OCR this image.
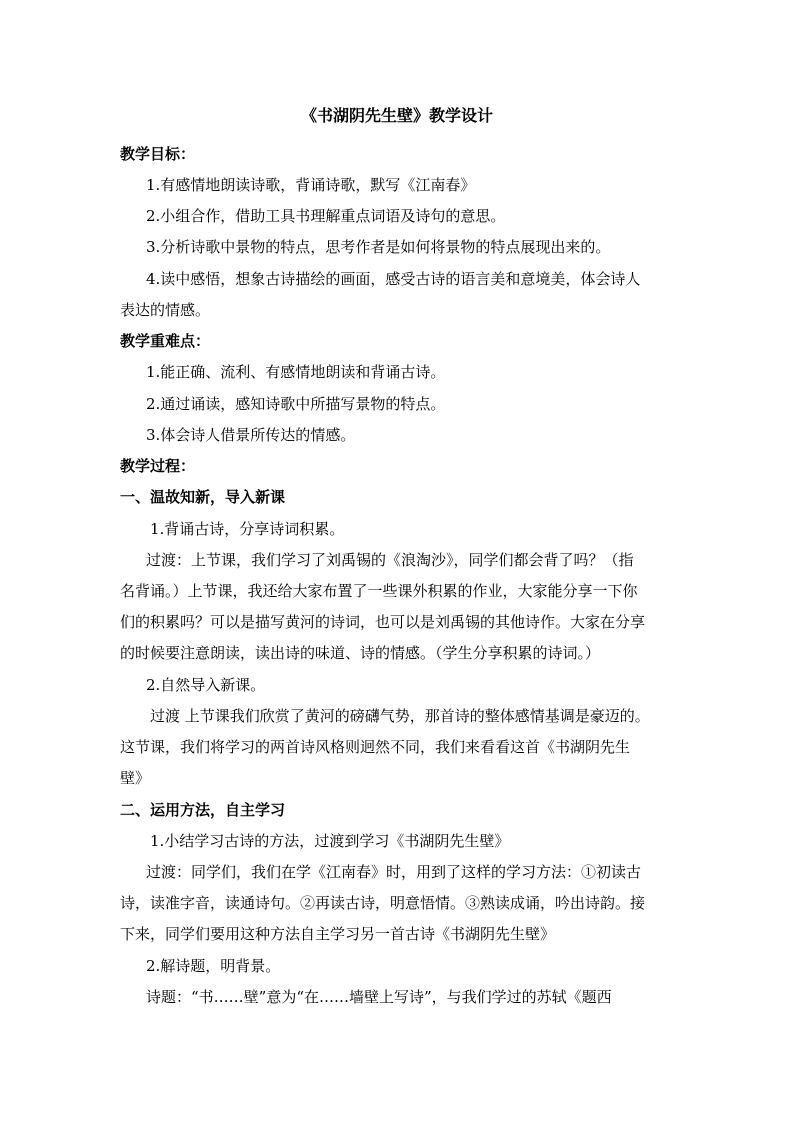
《书湖阴先生壁》教学设计
教学目标：
1.有感情地朗读诗歌，背诵诗歌，默写《江南春》
2.小组合作，借助工具书理解重点词语及诗句的意思。
3.分析诗歌中景物的特点，思考作者是如何将景物的特点展现出来的。
4.读中感悟，想象古诗描绘的画面，感受古诗的语言美和意境美，体会诗人
表达的情感。
教学重难点：
1.能正确、流利、有感情地朗读和背诵古诗。
2.通过诵读，感知诗歌中所描写景物的特点。
3.体会诗人借景所传达的情感。
教学过程：
一、温故知新，导入新课
1.背诵古诗，分享诗词积累。
过渡：上节课，我们学习了刘禹锡的《浪淘沙》，同学们都会背了吗？（指
名背诵。）上节课，我还给大家布置了一些课外积累的作业，大家能分享一下你
们的积累吗？可以是描写黄河的诗词，也可以是刘禹锡的其他诗作。大家在分享
的时候要注意朗读，读出诗的味道、诗的情感。（学生分享积累的诗词。）
2.自然导入新课。
过渡 上节课我们欣赏了黄河的磅礴气势，那首诗的整体感情基调是豪迈的。
这节课，我们将学习的两首诗风格则迥然不同，我们来看看这首《书湖阴先生
壁》
二、运用方法，自主学习
1.小结学习古诗的方法，过渡到学习《书湖阴先生壁》
过渡：同学们，我们在学《江南春》时，用到了这样的学习方法：①初读古
诗，读准字音，读通诗句。②再读古诗，明意悟情。③熟读成诵，吟出诗韵。接
下来，同学们要用这种方法自主学习另一首古诗《书湖阴先生壁》
2.解诗题，明背景。
诗题：“书……壁”意为“在……墙壁上写诗”，与我们学过的苏轼《题西
